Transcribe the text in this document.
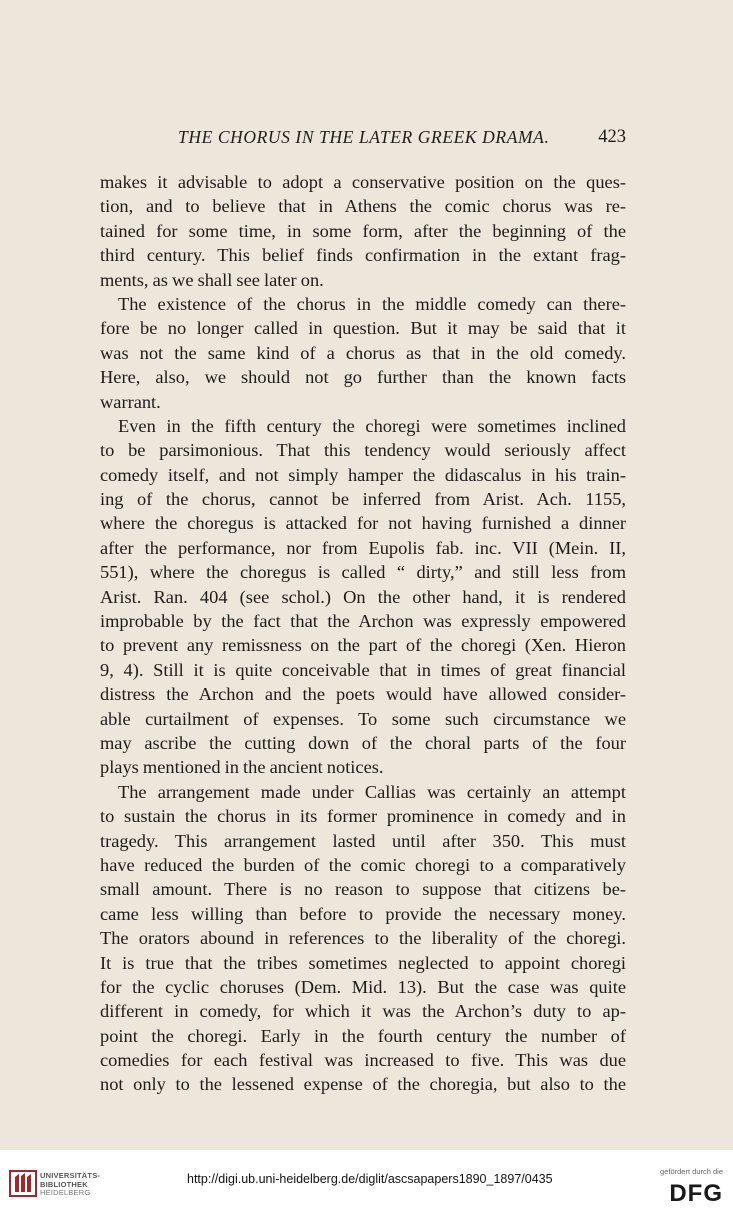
THE CHORUS IN THE LATER GREEK DRAMA.	423
makes it advisable to adopt a conservative position on the ques-
tion, and to believe that in Athens the comic chorus was re-
tained for some time, in some form, after the beginning of the
third century. This belief finds confirmation in the extant frag-
ments, as we shall see later on.
The existence of the chorus in the middle comedy can there-
fore be no longer called in question. But it may be said that it
was not the same kind of a chorus as that in the old comedy.
Here, also, we should not go further than the known facts
warrant.
Even in the fifth century the choregi were sometimes inclined
to be parsimonious. That this tendency would seriously affect
comedy itself, and not simply hamper the didascalus in his train-
ing of the chorus, cannot be inferred from Arist. Ach. 1155,
where the choregus is attacked for not having furnished a dinner
after the performance, nor from Eupolis fab. inc. VII (Mein. II,
551), where the choregus is called “ dirty,” and still less from
Arist. Ran. 404 (see schol.) On the other hand, it is rendered
improbable by the fact that the Archon was expressly empowered
to prevent any remissness on the part of the choregi (Xen. Hieron
9, 4). Still it is quite conceivable that in times of great financial
distress the Archon and the poets would have allowed consider-
able curtailment of expenses. To some such circumstance we
may ascribe the cutting down of the choral parts of the four
plays mentioned in the ancient notices.
The arrangement made under Callias was certainly an attempt
to sustain the chorus in its former prominence in comedy and in
tragedy. This arrangement lasted until after 350. This must
have reduced the burden of the comic choregi to a comparatively
small amount. There is no reason to suppose that citizens be-
came less willing than before to provide the necessary money.
The orators abound in references to the liberality of the choregi.
It is true that the tribes sometimes neglected to appoint choregi
for the cyclic choruses (Dem. Mid. 13). But the case was quite
different in comedy, for which it was the Archon’s duty to ap-
point the choregi. Early in the fourth century the number of
comedies for each festival was increased to five. This was due
not only to the lessened expense of the choregia, but also to the
UNIVERSITÄTS-
BIBLIOTHEK
HEIDELBERG
http://digi.ub.uni-heidelberg.de/diglit/ascsapapers1890_1897/0435
gefördert durch die
DFG
